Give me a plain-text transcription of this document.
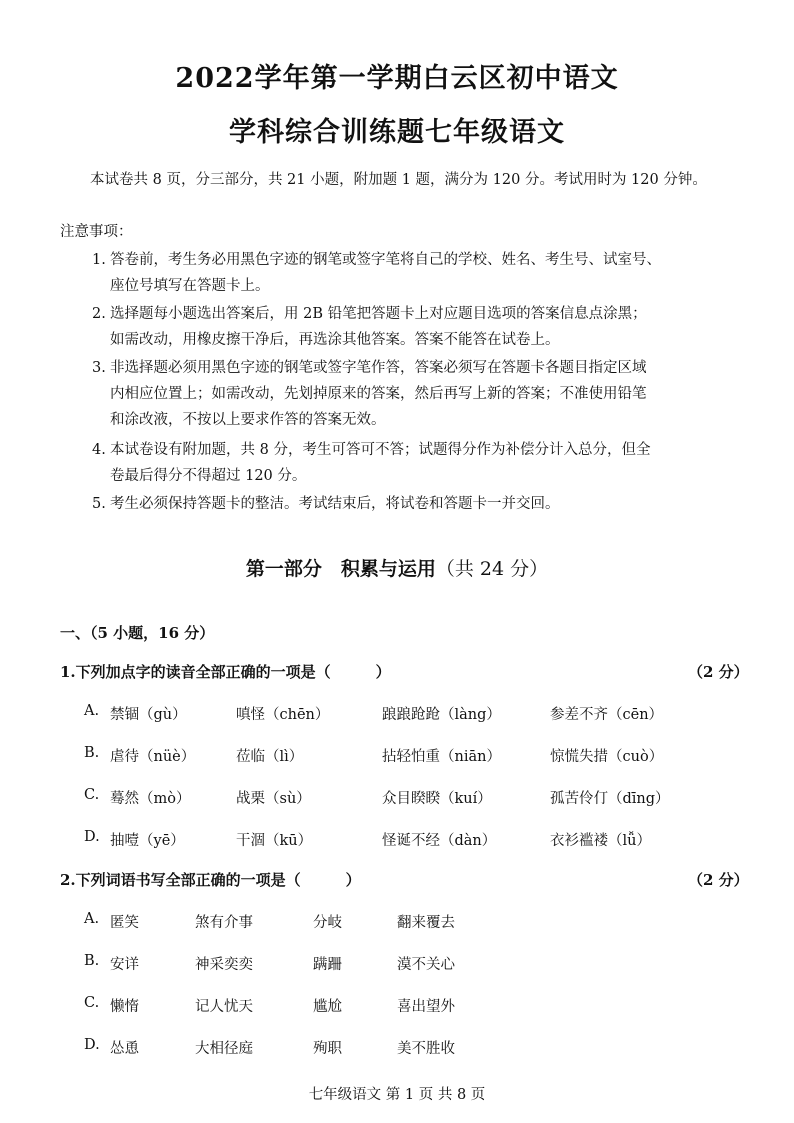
2022学年第一学期白云区初中语文
学科综合训练题七年级语文
本试卷共 8 页，分三部分，共 21 小题，附加题 1 题，满分为 120 分。考试用时为 120 分钟。
注意事项：
1. 答卷前，考生务必用黑色字迹的钢笔或签字笔将自己的学校、姓名、考生号、试室号、
座位号填写在答题卡上。
2. 选择题每小题选出答案后，用 2B 铅笔把答题卡上对应题目选项的答案信息点涂黑；
如需改动，用橡皮擦干净后，再选涂其他答案。答案不能答在试卷上。
3. 非选择题必须用黑色字迹的钢笔或签字笔作答，答案必须写在答题卡各题目指定区域
内相应位置上；如需改动，先划掉原来的答案，然后再写上新的答案；不准使用铅笔
和涂改液，不按以上要求作答的答案无效。
4. 本试卷设有附加题，共 8 分，考生可答可不答；试题得分作为补偿分计入总分，但全
卷最后得分不得超过 120 分。
5. 考生必须保持答题卡的整洁。考试结束后，将试卷和答题卡一并交回。
第一部分　积累与运用（共 24 分）
一、（5 小题，16 分）
1.下列加点字的读音全部正确的一项是（　　　）	（2 分）
A. 禁锢（gù）	嗔怪（chēn）	踉踉跄跄（làng）	参差不齐（cēn）
B. 虐待（nüè）	莅临（lì）	拈轻怕重（niān）	惊慌失措（cuò）
C. 蓦然（mò）	战栗（sù）	众目睽睽（kuí）	孤苦伶仃（dīng）
D. 抽噎（yē）	干涸（kū）	怪诞不经（dàn）	衣衫褴褛（lǚ）
2.下列词语书写全部正确的一项是（　　　）	（2 分）
A. 匿笑	煞有介事	分岐	翻来覆去
B. 安详	神采奕奕	蹒跚	漠不关心
C. 懒惰	记人忧天	尴尬	喜出望外
D. 怂恿	大相径庭	殉职	美不胜收
七年级语文 第 1 页 共 8 页
